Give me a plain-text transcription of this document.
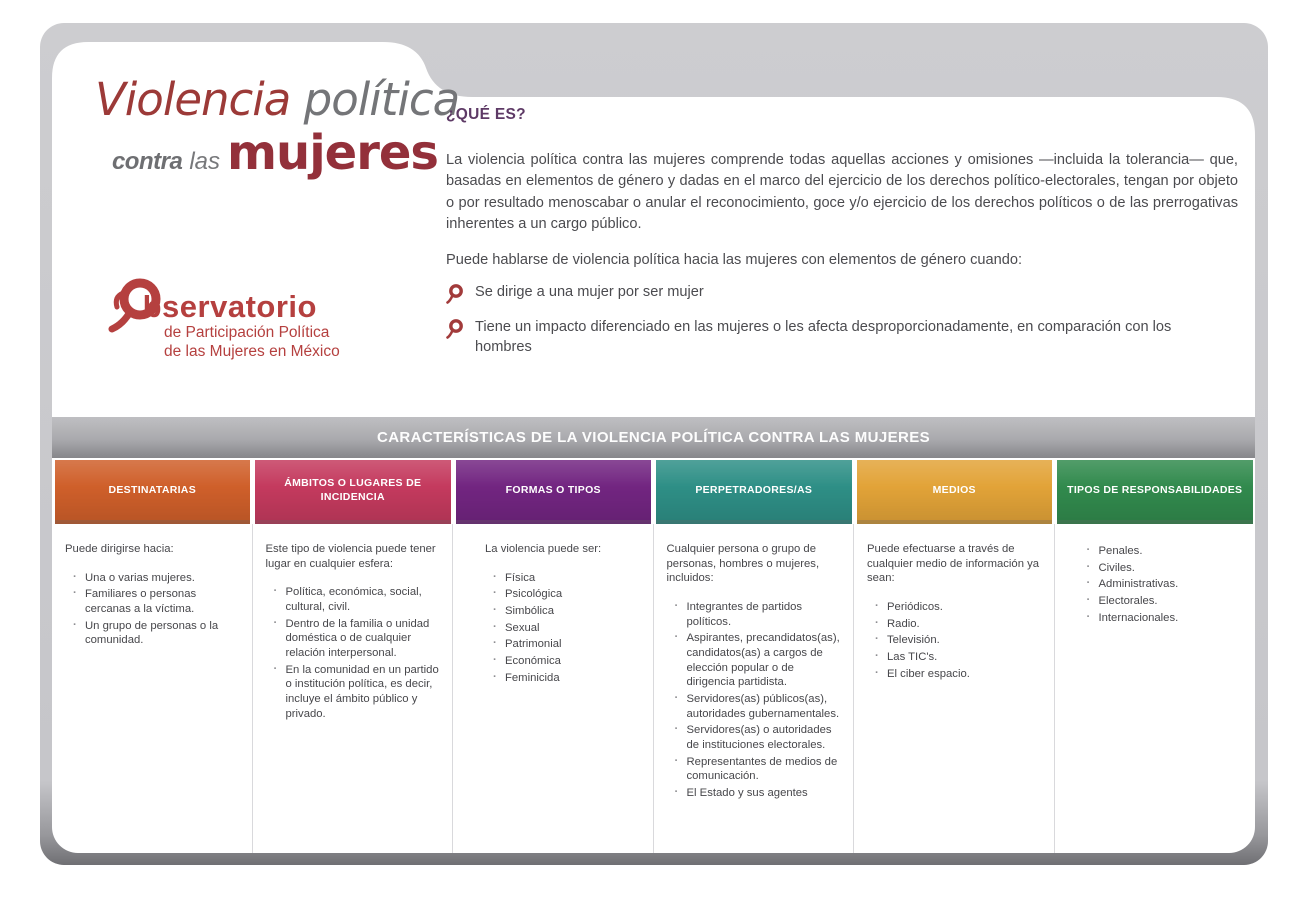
Violencia política
contra las mujeres
Observatorio
de Participación Política
de las Mujeres en México
¿QUÉ ES?
La violencia política contra las mujeres comprende todas aquellas acciones y omisiones —incluida la tolerancia— que, basadas en elementos de género y dadas en el marco del ejercicio de los derechos político-electorales, tengan por objeto o por resultado menoscabar o anular el reconocimiento, goce y/o ejercicio de los derechos políticos o de las prerrogativas inherentes a un cargo público.
Puede hablarse de violencia política hacia las mujeres con elementos de género cuando:
Se dirige a una mujer por ser mujer
Tiene un impacto diferenciado en las mujeres o les afecta desproporcionadamente, en comparación con los hombres
CARACTERÍSTICAS DE LA VIOLENCIA POLÍTICA CONTRA LAS MUJERES
DESTINATARIAS

Puede dirigirse hacia:

· Una o varias mujeres.
· Familiares o personas cercanas a la víctima.
· Un grupo de personas o la comunidad.
ÁMBITOS O LUGARES DE INCIDENCIA

Este tipo de violencia puede tener lugar en cualquier esfera:

· Política, económica, social, cultural, civil.
· Dentro de la familia o unidad doméstica o de cualquier relación interpersonal.
· En la comunidad en un partido o institución política, es decir, incluye el ámbito público y privado.
FORMAS O TIPOS

La violencia puede ser:

· Física
· Psicológica
· Simbólica
· Sexual
· Patrimonial
· Económica
· Feminicida
PERPETRADORES/AS

Cualquier persona o grupo de personas, hombres o mujeres, incluidos:

· Integrantes de partidos políticos.
· Aspirantes, precandidatos(as), candidatos(as) a cargos de elección popular o de dirigencia partidista.
· Servidores(as) públicos(as), autoridades gubernamentales.
· Servidores(as) o autoridades de instituciones electorales.
· Representantes de medios de comunicación.
· El Estado y sus agentes
MEDIOS

Puede efectuarse a través de cualquier medio de información ya sean:

· Periódicos.
· Radio.
· Televisión.
· Las TIC's.
· El ciber espacio.
TIPOS DE RESPONSABILIDADES
· Penales.
· Civiles.
· Administrativas.
· Electorales.
· Internacionales.
